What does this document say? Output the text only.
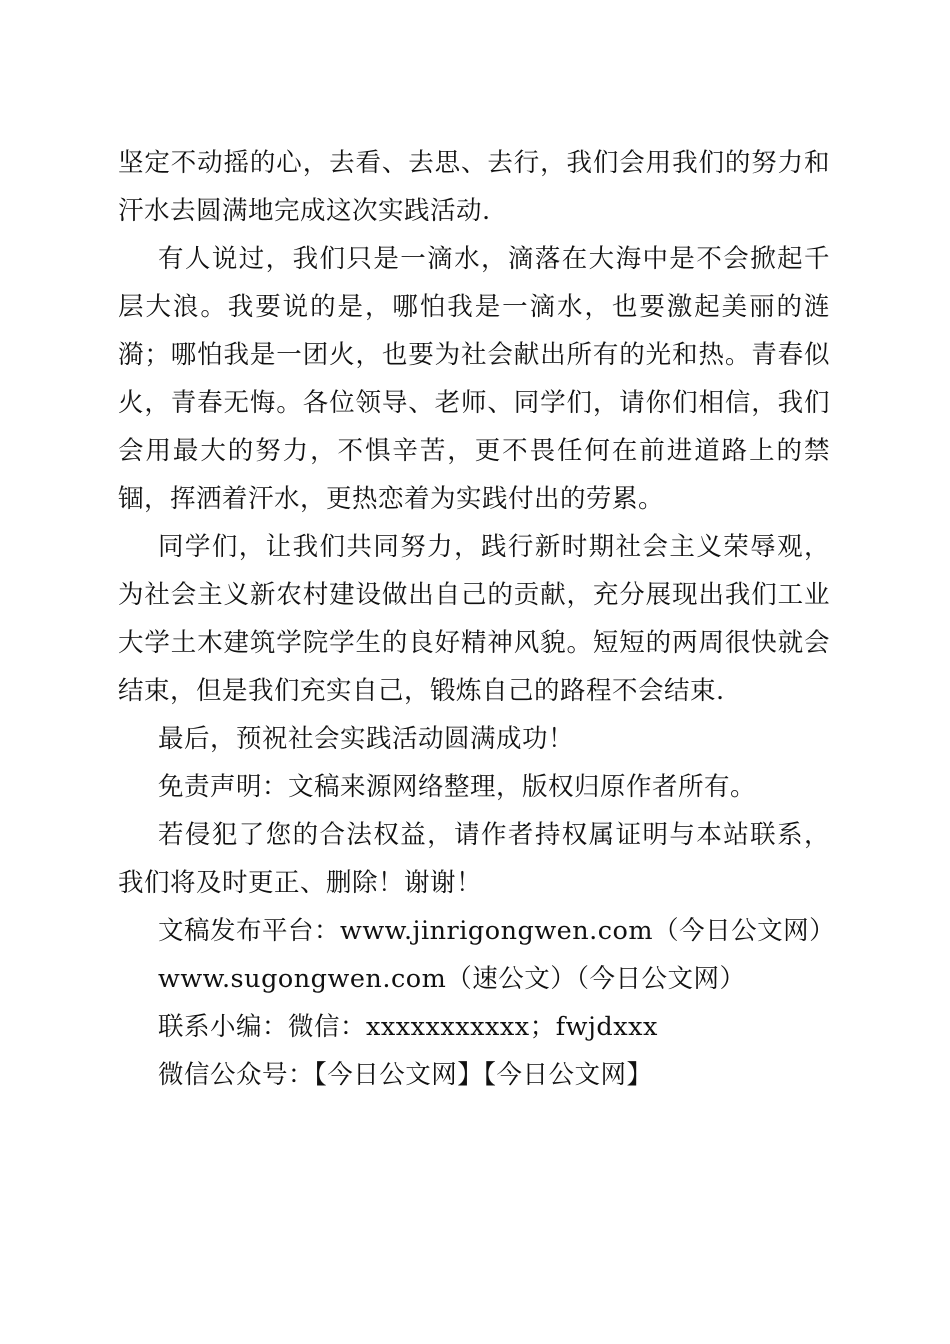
坚定不动摇的心，去看、去思、去行，我们会用我们的努力和汗水去圆满地完成这次实践活动.

有人说过，我们只是一滴水，滴落在大海中是不会掀起千层大浪。我要说的是，哪怕我是一滴水，也要激起美丽的涟漪；哪怕我是一团火，也要为社会献出所有的光和热。青春似火，青春无悔。各位领导、老师、同学们，请你们相信，我们会用最大的努力，不惧辛苦，更不畏任何在前进道路上的禁锢，挥洒着汗水，更热恋着为实践付出的劳累。

同学们，让我们共同努力，践行新时期社会主义荣辱观，为社会主义新农村建设做出自己的贡献，充分展现出我们工业大学土木建筑学院学生的良好精神风貌。短短的两周很快就会结束，但是我们充实自己，锻炼自己的路程不会结束.

最后，预祝社会实践活动圆满成功！

免责声明：文稿来源网络整理，版权归原作者所有。

若侵犯了您的合法权益，请作者持权属证明与本站联系，我们将及时更正、删除！谢谢！

文稿发布平台：www.jinrigongwen.com（今日公文网）

www.sugongwen.com（速公文）（今日公文网）

联系小编：微信：xxxxxxxxxxx；fwjdxxx

微信公众号：【今日公文网】【今日公文网】
